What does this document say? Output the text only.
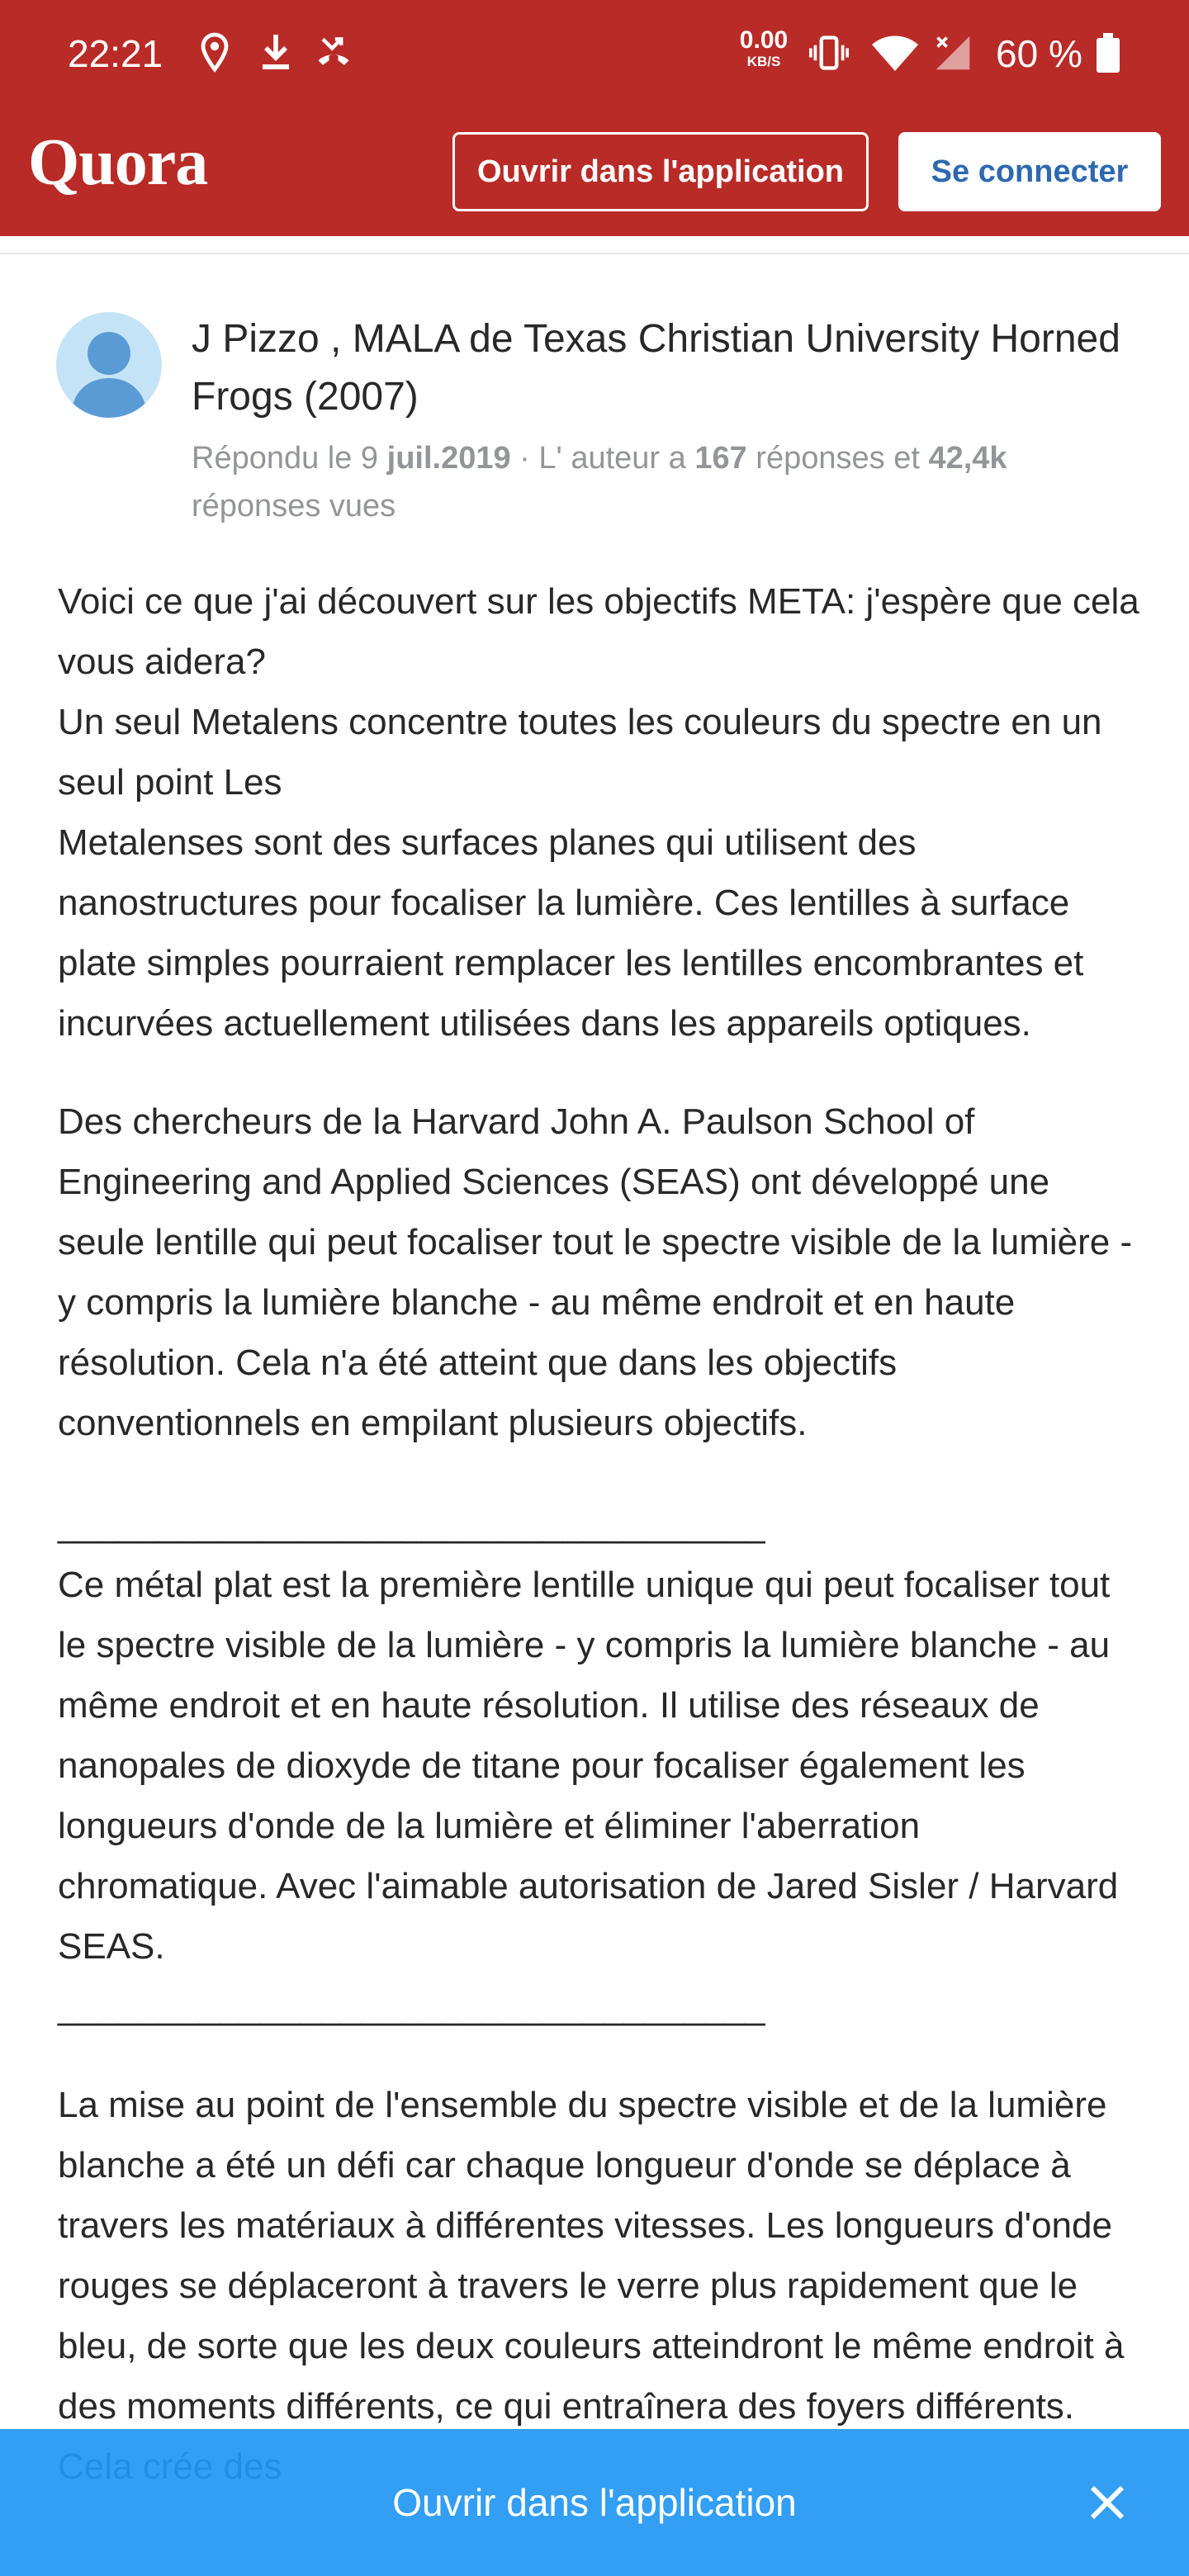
22:21	0.00
KB/S	60 %
Quora	Ouvrir dans l'application	Se connecter
J Pizzo , MALA de Texas Christian University Horned Frogs (2007)
Répondu le 9 juil.2019 · L' auteur a 167 réponses et 42,4k réponses vues

Voici ce que j'ai découvert sur les objectifs META: j'espère que cela vous aidera?
Un seul Metalens concentre toutes les couleurs du spectre en un seul point Les
Metalenses sont des surfaces planes qui utilisent des nanostructures pour focaliser la lumière. Ces lentilles à surface plate simples pourraient remplacer les lentilles encombrantes et incurvées actuellement utilisées dans les appareils optiques.

Des chercheurs de la Harvard John A. Paulson School of Engineering and Applied Sciences (SEAS) ont développé une seule lentille qui peut focaliser tout le spectre visible de la lumière - y compris la lumière blanche - au même endroit et en haute résolution. Cela n'a été atteint que dans les objectifs conventionnels en empilant plusieurs objectifs.

___________________________________
Ce métal plat est la première lentille unique qui peut focaliser tout le spectre visible de la lumière - y compris la lumière blanche - au même endroit et en haute résolution. Il utilise des réseaux de nanopales de dioxyde de titane pour focaliser également les longueurs d'onde de la lumière et éliminer l'aberration chromatique. Avec l'aimable autorisation de Jared Sisler / Harvard SEAS.
___________________________________

La mise au point de l'ensemble du spectre visible et de la lumière blanche a été un défi car chaque longueur d'onde se déplace à travers les matériaux à différentes vitesses. Les longueurs d'onde rouges se déplaceront à travers le verre plus rapidement que le bleu, de sorte que les deux couleurs atteindront le même endroit à des moments différents, ce qui entraînera des foyers différents.

Ouvrir dans l'application
